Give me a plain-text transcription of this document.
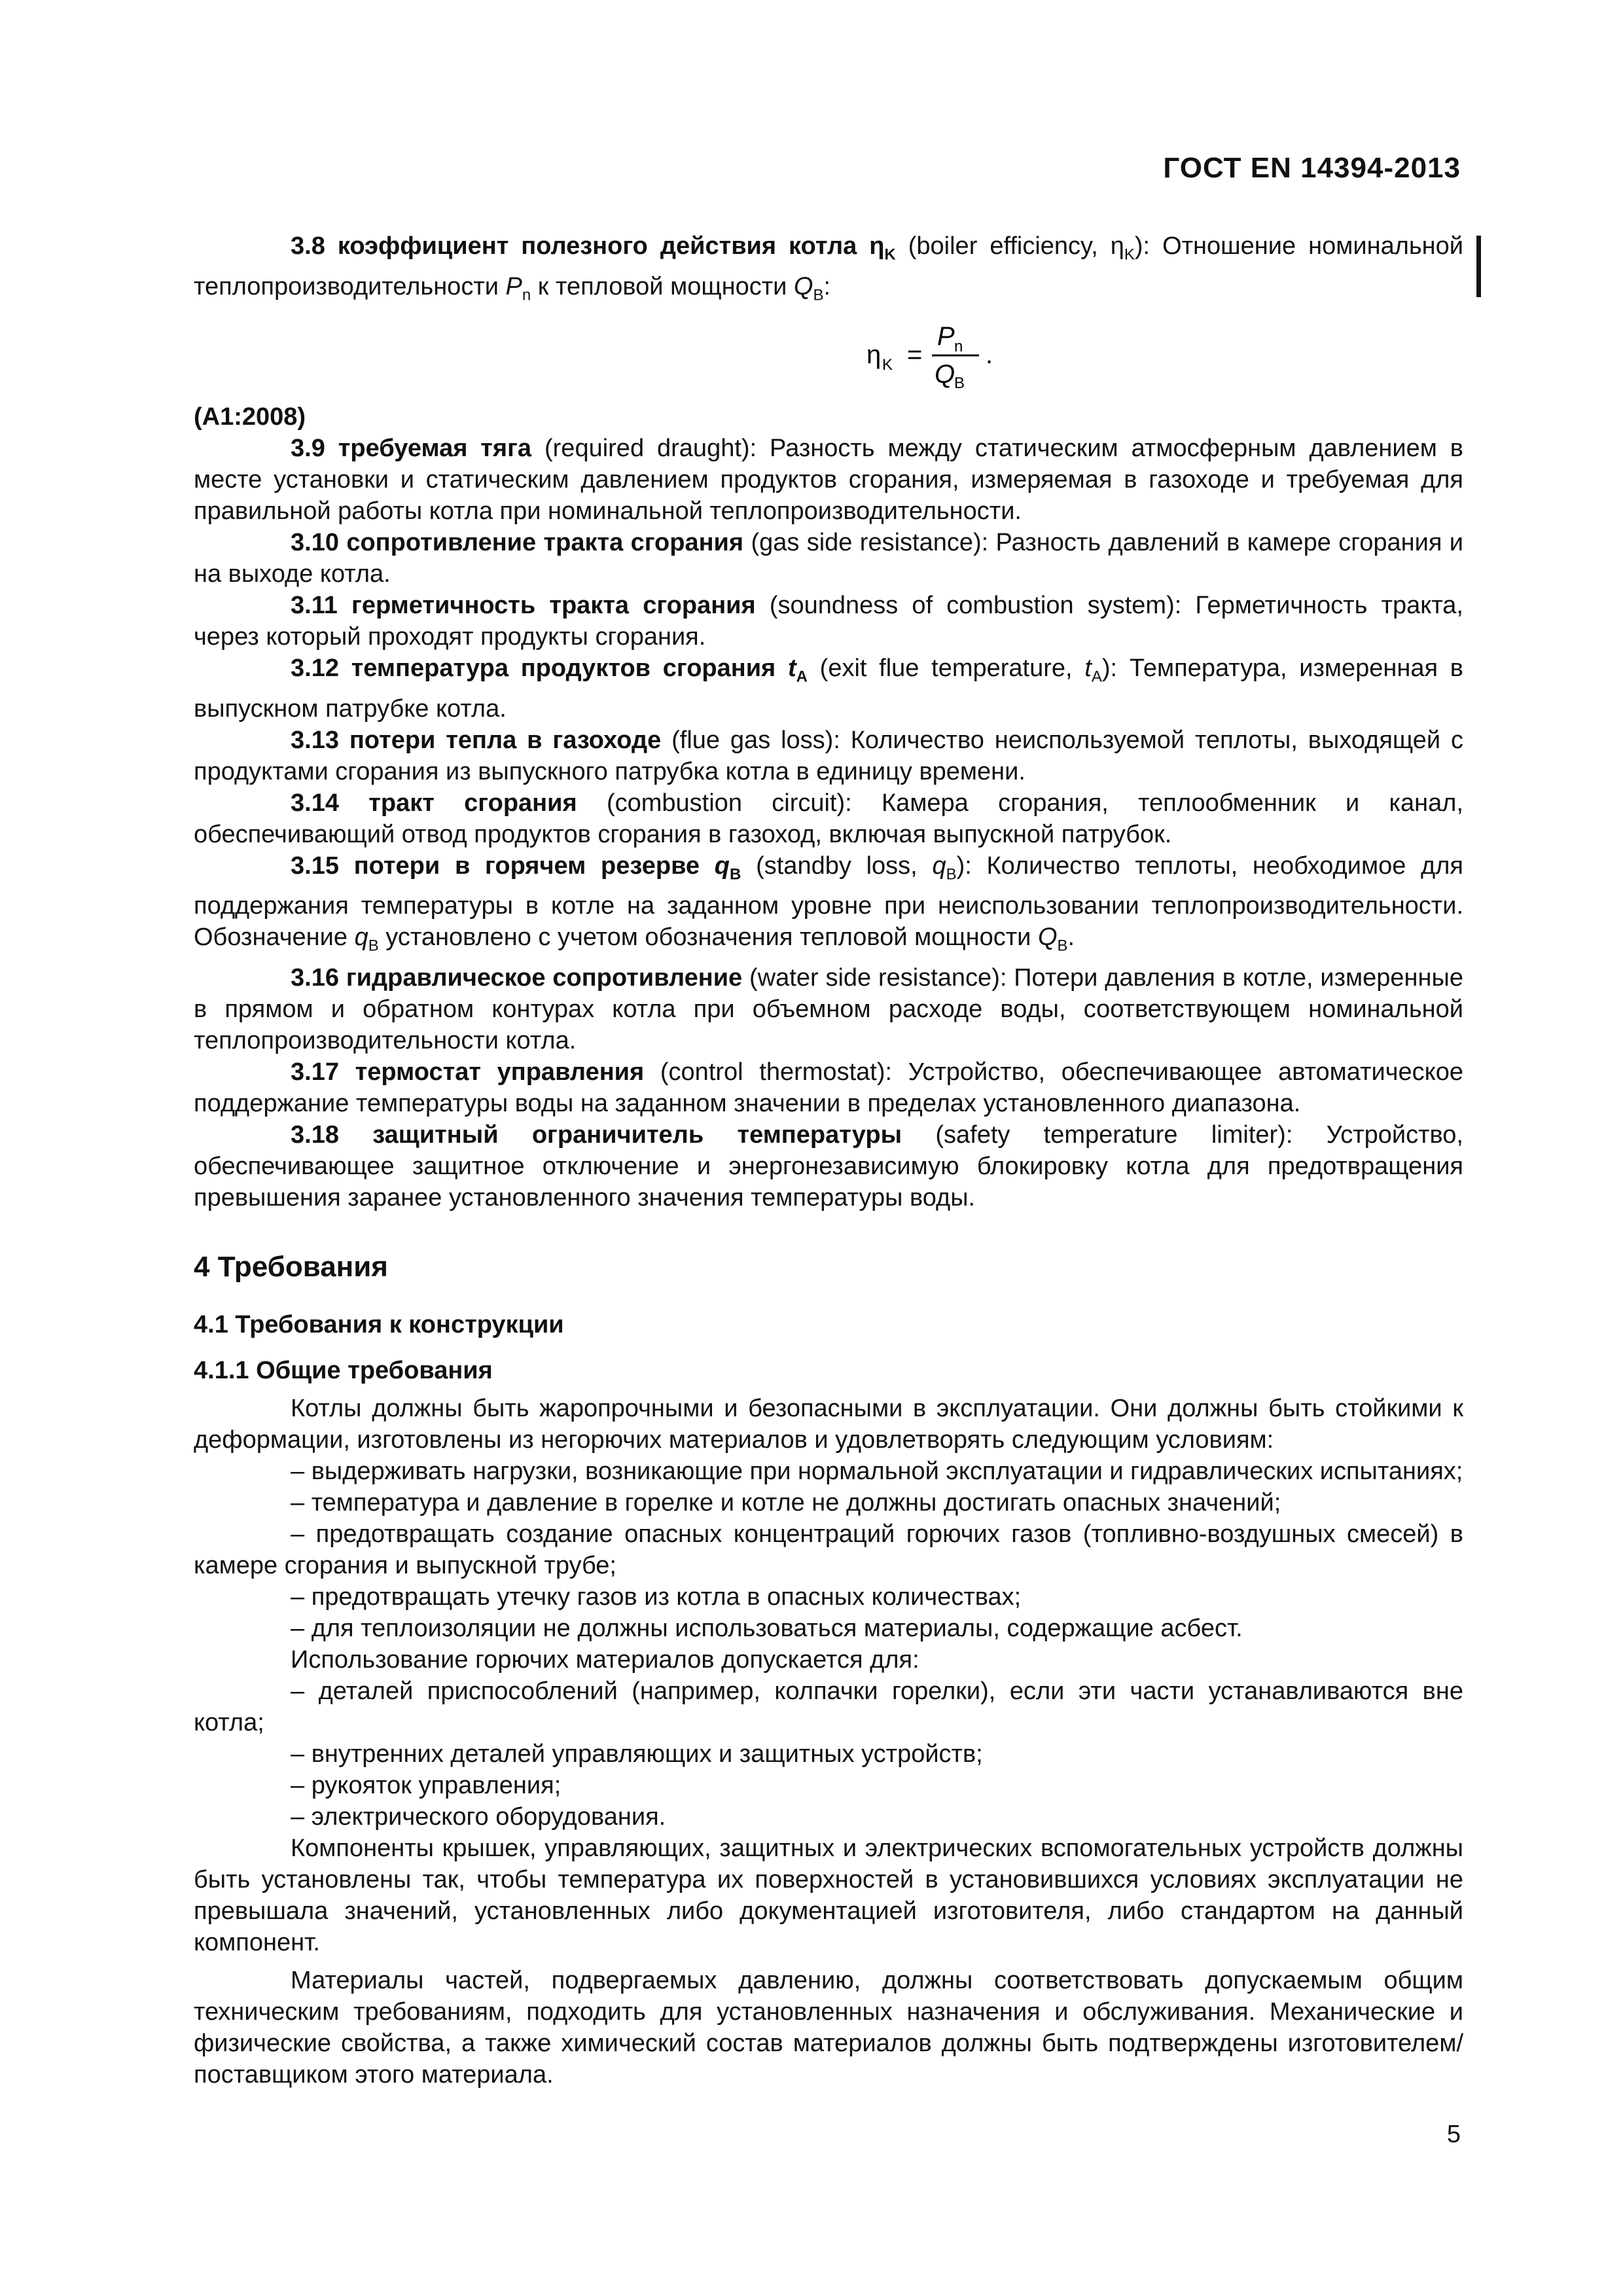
ГОСТ EN 14394-2013

3.8 коэффициент полезного действия котла $\eta_K$ (boiler efficiency, $\eta_K$): Отношение номинальной теплопроизводительности $P_n$ к тепловой мощности $Q_B$:

η K =
P n
Q
B
.

(A1:2008)

3.9 требуемая тяга (required draught): Разность между статическим атмосферным давлением в месте установки и статическим давлением продуктов сгорания, измеряемая в газоходе и требуемая для правильной работы котла при номинальной теплопроизводительности.

3.10 сопротивление тракта сгорания (gas side resistance): Разность давлений в камере сгорания и на выходе котла.

3.11 герметичность тракта сгорания (soundness of combustion system): Герметичность тракта, через который проходят продукты сгорания.

3.12 температура продуктов сгорания $t_A$ (exit flue temperature, $t_A$): Температура, измеренная в выпускном патрубке котла.

3.13 потери тепла в газоходе (flue gas loss): Количество неиспользуемой теплоты, выходящей с продуктами сгорания из выпускного патрубка котла в единицу времени.

3.14 тракт сгорания (combustion circuit): Камера сгорания, теплообменник и канал, обеспечивающий отвод продуктов сгорания в газоход, включая выпускной патрубок.

3.15 потери в горячем резерве $q_B$ (standby loss, $q_B$): Количество теплоты, необходимое для поддержания температуры в котле на заданном уровне при неиспользовании теплопроизводительности. Обозначение $q_B$ установлено с учетом обозначения тепловой мощности $Q_B$.

3.16 гидравлическое сопротивление (water side resistance): Потери давления в котле, измеренные в прямом и обратном контурах котла при объемном расходе воды, соответствующем номинальной теплопроизводительности котла.

3.17 термостат управления (control thermostat): Устройство, обеспечивающее автоматическое поддержание температуры воды на заданном значении в пределах установленного диапазона.

3.18 защитный ограничитель температуры (safety temperature limiter): Устройство, обеспечивающее защитное отключение и энергонезависимую блокировку котла для предотвращения превышения заранее установленного значения температуры воды.

4 Требования
4.1 Требования к конструкции
4.1.1 Общие требования

Котлы должны быть жаропрочными и безопасными в эксплуатации. Они должны быть стойкими к деформации, изготовлены из негорючих материалов и удовлетворять следующим условиям:

– выдерживать нагрузки, возникающие при нормальной эксплуатации и гидравлических испытаниях;

– температура и давление в горелке и котле не должны достигать опасных значений;

– предотвращать создание опасных концентраций горючих газов (топливно-воздушных смесей) в камере сгорания и выпускной трубе;

– предотвращать утечку газов из котла в опасных количествах;

– для теплоизоляции не должны использоваться материалы, содержащие асбест.

Использование горючих материалов допускается для:

– деталей приспособлений (например, колпачки горелки), если эти части устанавливаются вне котла;

– внутренних деталей управляющих и защитных устройств;

– рукояток управления;

– электрического оборудования.

Компоненты крышек, управляющих, защитных и электрических вспомогательных устройств должны быть установлены так, чтобы температура их поверхностей в установившихся условиях эксплуатации не превышала значений, установленных либо документацией изготовителя, либо стандартом на данный компонент.

Материалы частей, подвергаемых давлению, должны соответствовать допускаемым общим техническим требованиям, подходить для установленных назначения и обслуживания. Механические и физические свойства, а также химический состав материалов должны быть подтверждены изготовителем/поставщиком этого материала.

5
